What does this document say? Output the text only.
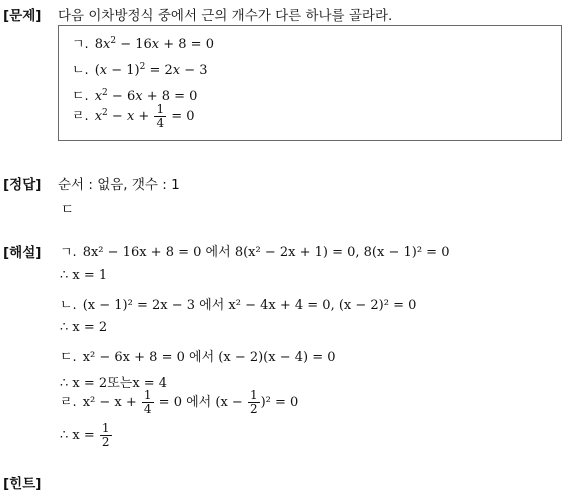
[문제] 다음 이차방정식 중에서 근의 개수가 다른 하나를 골라라.
ㄱ. $8x^2 - 16x + 8 = 0$
ㄴ. $(x - 1)^2 = 2x - 3$
ㄷ. $x^2 - 6x + 8 = 0$
ㄹ. $x^2 - x + \frac{1}{4} = 0$
[정답] 순서 : 없음, 갯수 : 1
ㄷ
[해설] ㄱ. 8x² − 16x + 8 = 0 에서 8(x² − 2x + 1) = 0, 8(x − 1)² = 0
∴ x = 1
ㄴ. (x − 1)² = 2x − 3 에서 x² − 4x + 4 = 0, (x − 2)² = 0
∴ x = 2
ㄷ. x² − 6x + 8 = 0 에서 (x − 2)(x − 4) = 0
∴ x = 2또는x = 4
ㄹ. $x^2 - x + \frac{1}{4} = 0$ 에서 $(x - \frac{1}{2} )^2 = 0$
∴ $x = \frac{1}{2}$
[힌트]
